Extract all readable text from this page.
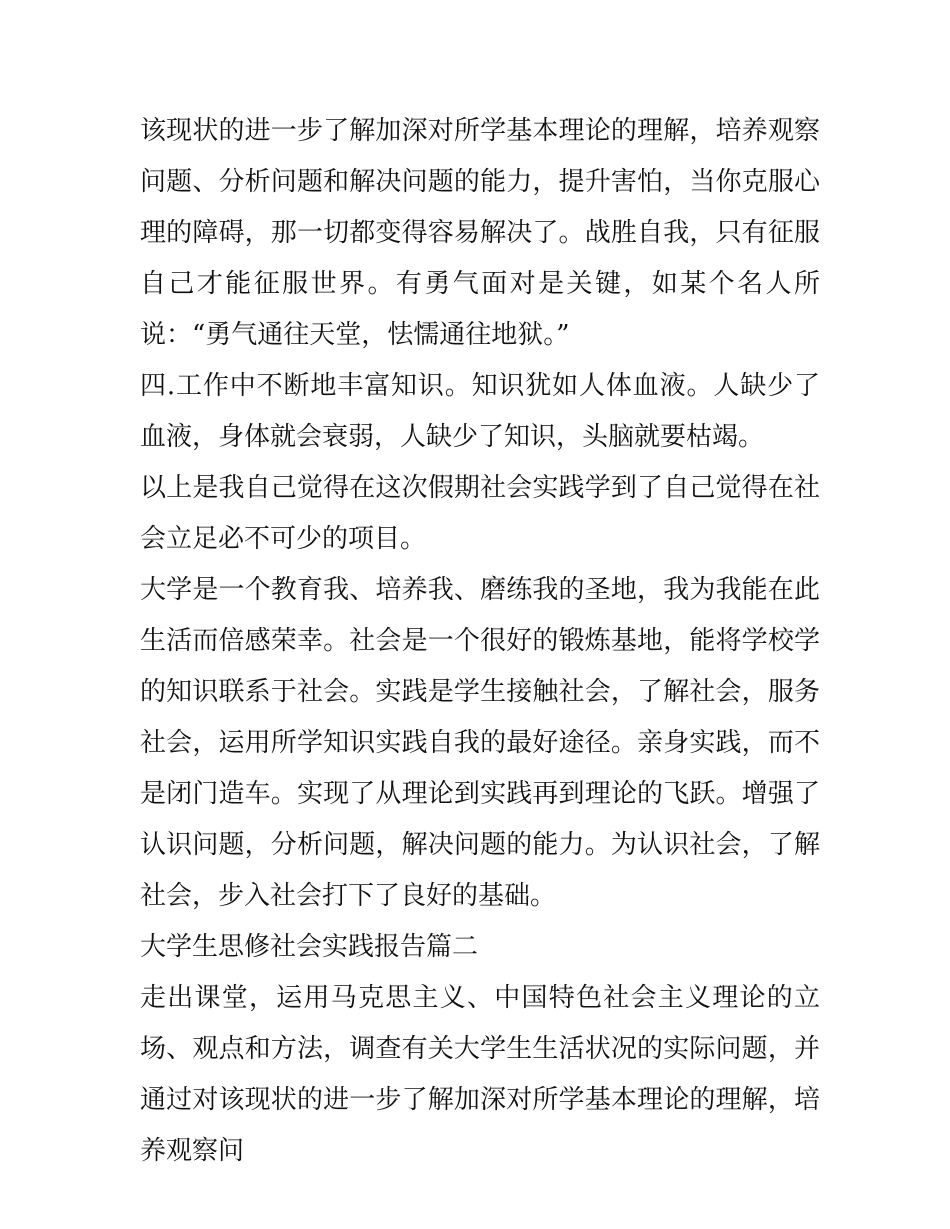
该现状的进一步了解加深对所学基本理论的理解，培养观察问题、分析问题和解决问题的能力，提升害怕，当你克服心理的障碍，那一切都变得容易解决了。战胜自我，只有征服自己才能征服世界。有勇气面对是关键，如某个名人所说：“勇气通往天堂，怯懦通往地狱。”

四.工作中不断地丰富知识。知识犹如人体血液。人缺少了血液，身体就会衰弱，人缺少了知识，头脑就要枯竭。

以上是我自己觉得在这次假期社会实践学到了自己觉得在社会立足必不可少的项目。

大学是一个教育我、培养我、磨练我的圣地，我为我能在此生活而倍感荣幸。社会是一个很好的锻炼基地，能将学校学的知识联系于社会。实践是学生接触社会，了解社会，服务社会，运用所学知识实践自我的最好途径。亲身实践，而不是闭门造车。实现了从理论到实践再到理论的飞跃。增强了认识问题，分析问题，解决问题的能力。为认识社会，了解社会，步入社会打下了良好的基础。

大学生思修社会实践报告篇二

走出课堂，运用马克思主义、中国特色社会主义理论的立场、观点和方法，调查有关大学生生活状况的实际问题，并通过对该现状的进一步了解加深对所学基本理论的理解，培养观察问
